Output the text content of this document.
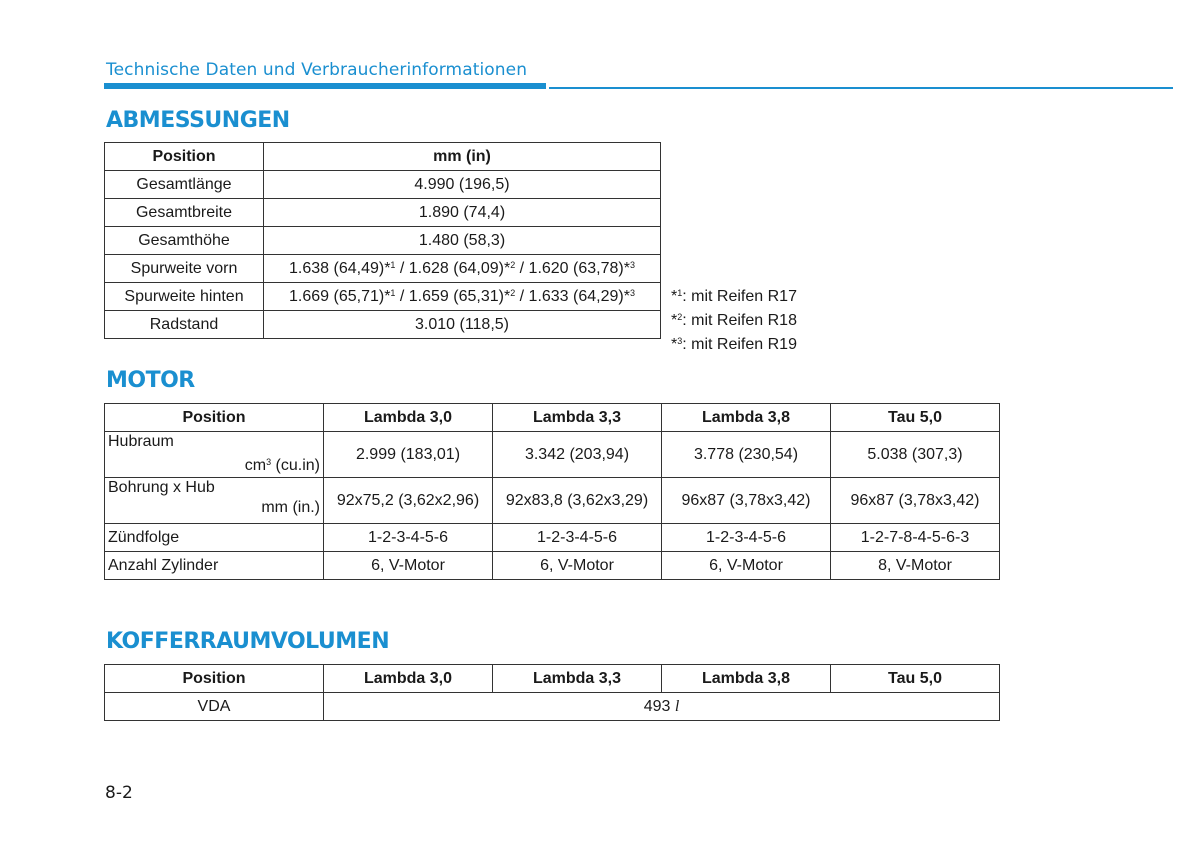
Technische Daten und Verbraucherinformationen
ABMESSUNGEN
Position	mm (in)
Gesamtlänge	4.990 (196,5)
Gesamtbreite	1.890 (74,4)
Gesamthöhe	1.480 (58,3)
Spurweite vorn	1.638 (64,49)*$^1$ / 1.628 (64,09)*$^2$ / 1.620 (63,78)*$^3$
Spurweite hinten	1.669 (65,71)*$^1$ / 1.659 (65,31)*$^2$ / 1.633 (64,29)*$^3$
Radstand	3.010 (118,5)
*$^1$: mit Reifen R17
*$^2$: mit Reifen R18
*$^3$: mit Reifen R19
MOTOR
Position	Lambda 3,0	Lambda 3,3	Lambda 3,8	Tau 5,0

Hubraum
$cm^3$ (cu.in)	2.999 (183,01)	3.342 (203,94)	3.778 (230,54)	5.038 (307,3)

Bohrung x Hub
mm (in.)	92x75,2 (3,62x2,96)	92x83,8 (3,62x3,29)	96x87 (3,78x3,42)	96x87 (3,78x3,42)
Zündfolge	1-2-3-4-5-6	1-2-3-4-5-6	1-2-3-4-5-6	1-2-7-8-4-5-6-3
Anzahl Zylinder	6, V-Motor	6, V-Motor	6, V-Motor	8, V-Motor
KOFFERRAUMVOLUMEN
Position	Lambda 3,0	Lambda 3,3	Lambda 3,8	Tau 5,0
VDA	493 l			
8-2
